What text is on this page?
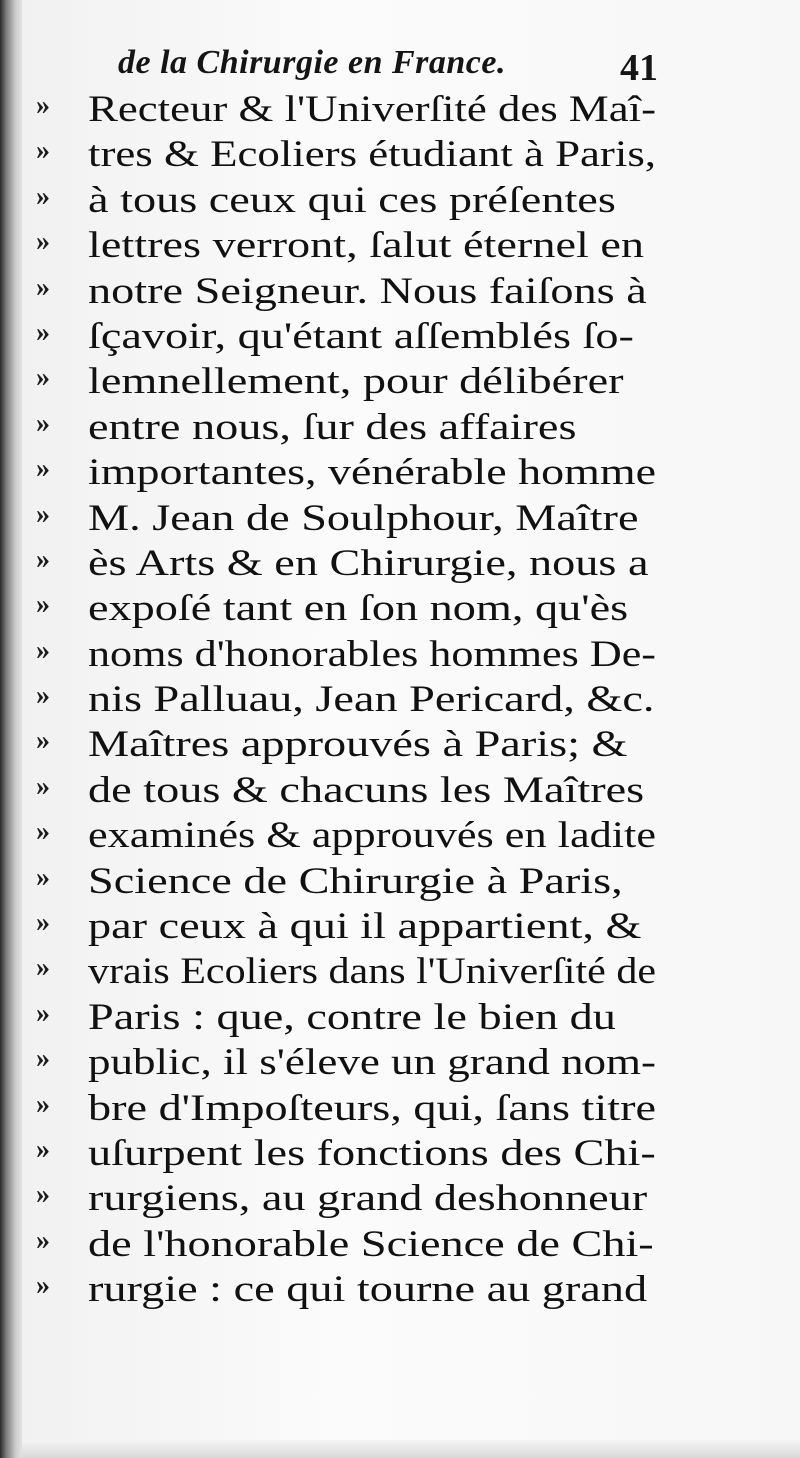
de la Chirurgie en France.	41
»	Recteur & l'Univerſité des Maî-
»	tres & Ecoliers étudiant à Paris,
»	à tous ceux qui ces préſentes
»	lettres verront, ſalut éternel en
»	notre Seigneur. Nous faiſons à
»	ſçavoir, qu'étant aſſemblés ſo-
»	lemnellement, pour délibérer
»	entre nous, ſur des affaires
»	importantes, vénérable homme
»	M. Jean de Soulphour, Maître
»	ès Arts & en Chirurgie, nous a
»	expoſé tant en ſon nom, qu'ès
»	noms d'honorables hommes De-
»	nis Palluau, Jean Pericard, &c.
»	Maîtres approuvés à Paris; &
»	de tous & chacuns les Maîtres
»	examinés & approuvés en ladite
»	Science de Chirurgie à Paris,
»	par ceux à qui il appartient, &
»	vrais Ecoliers dans l'Univerſité de
»	Paris : que, contre le bien du
»	public, il s'éleve un grand nom-
»	bre d'Impoſteurs, qui, ſans titre
»	uſurpent les fonctions des Chi-
»	rurgiens, au grand deshonneur
»	de l'honorable Science de Chi-
»	rurgie : ce qui tourne au grand
